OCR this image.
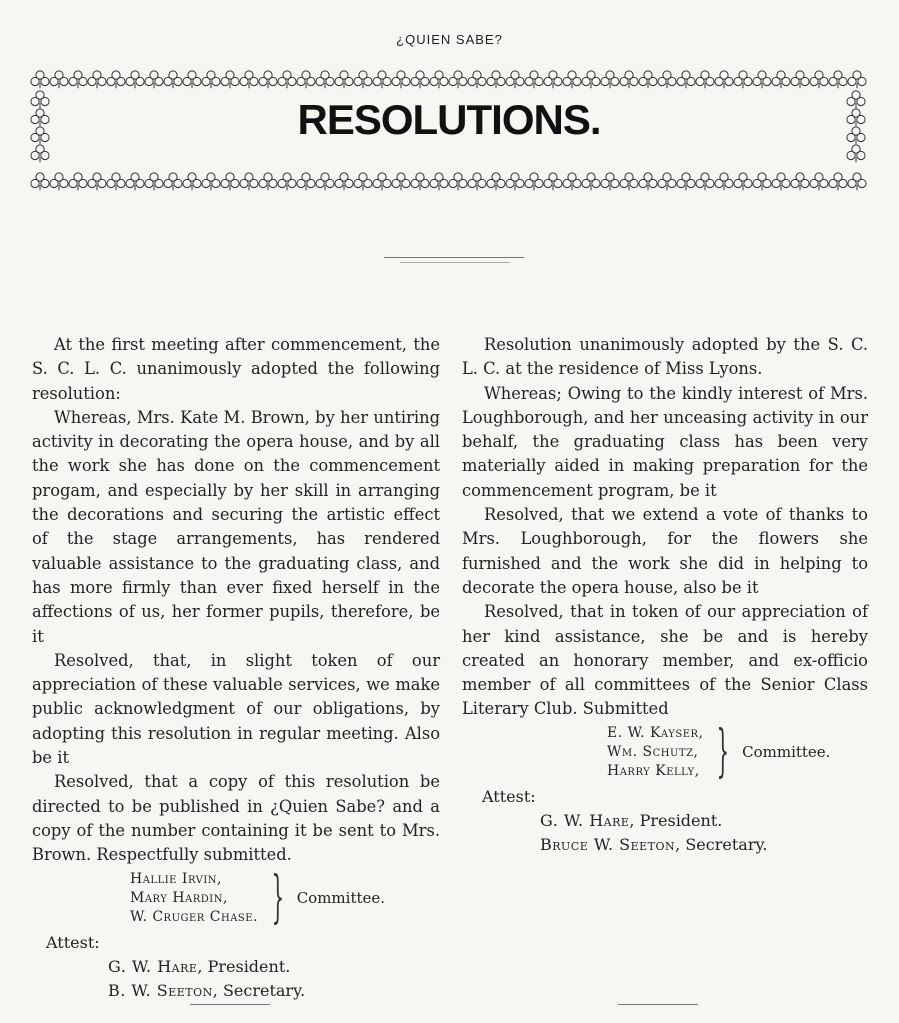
¿QUIEN SABE?
RESOLUTIONS.

At the first meeting after commencement, the S. C. L. C. unanimously adopted the following resolution:

Whereas, Mrs. Kate M. Brown, by her untiring activity in decorating the opera house, and by all the work she has done on the commencement progam, and especially by her skill in arranging the decorations and securing the artistic effect of the stage arrangements, has rendered valuable assistance to the graduating class, and has more firmly than ever fixed herself in the affections of us, her former pupils, therefore, be it

Resolved, that, in slight token of our appreciation of these valuable services, we make public acknowledgment of our obligations, by adopting this resolution in regular meeting. Also be it

Resolved, that a copy of this resolution be directed to be published in ¿Quien Sabe? and a copy of the number containing it be sent to Mrs. Brown. Respectfully submitted.

Hallie Irvin,
Mary Hardin,
W. Cruger Chase. } Committee.
Attest:
G. W. Hare, President.
B. W. Seeton, Secretary.

Resolution unanimously adopted by the S. C. L. C. at the residence of Miss Lyons.

Whereas; Owing to the kindly interest of Mrs. Loughborough, and her unceasing activity in our behalf, the graduating class has been very materially aided in making preparation for the commencement program, be it

Resolved, that we extend a vote of thanks to Mrs. Loughborough, for the flowers she furnished and the work she did in helping to decorate the opera house, also be it

Resolved, that in token of our appreciation of her kind assistance, she be and is hereby created an honorary member, and ex-officio member of all committees of the Senior Class Literary Club. Submitted

E. W. Kayser,
Wm. Schutz,
Harry Kelly, } Committee.
Attest:
G. W. Hare, President.
Bruce W. Seeton, Secretary.
